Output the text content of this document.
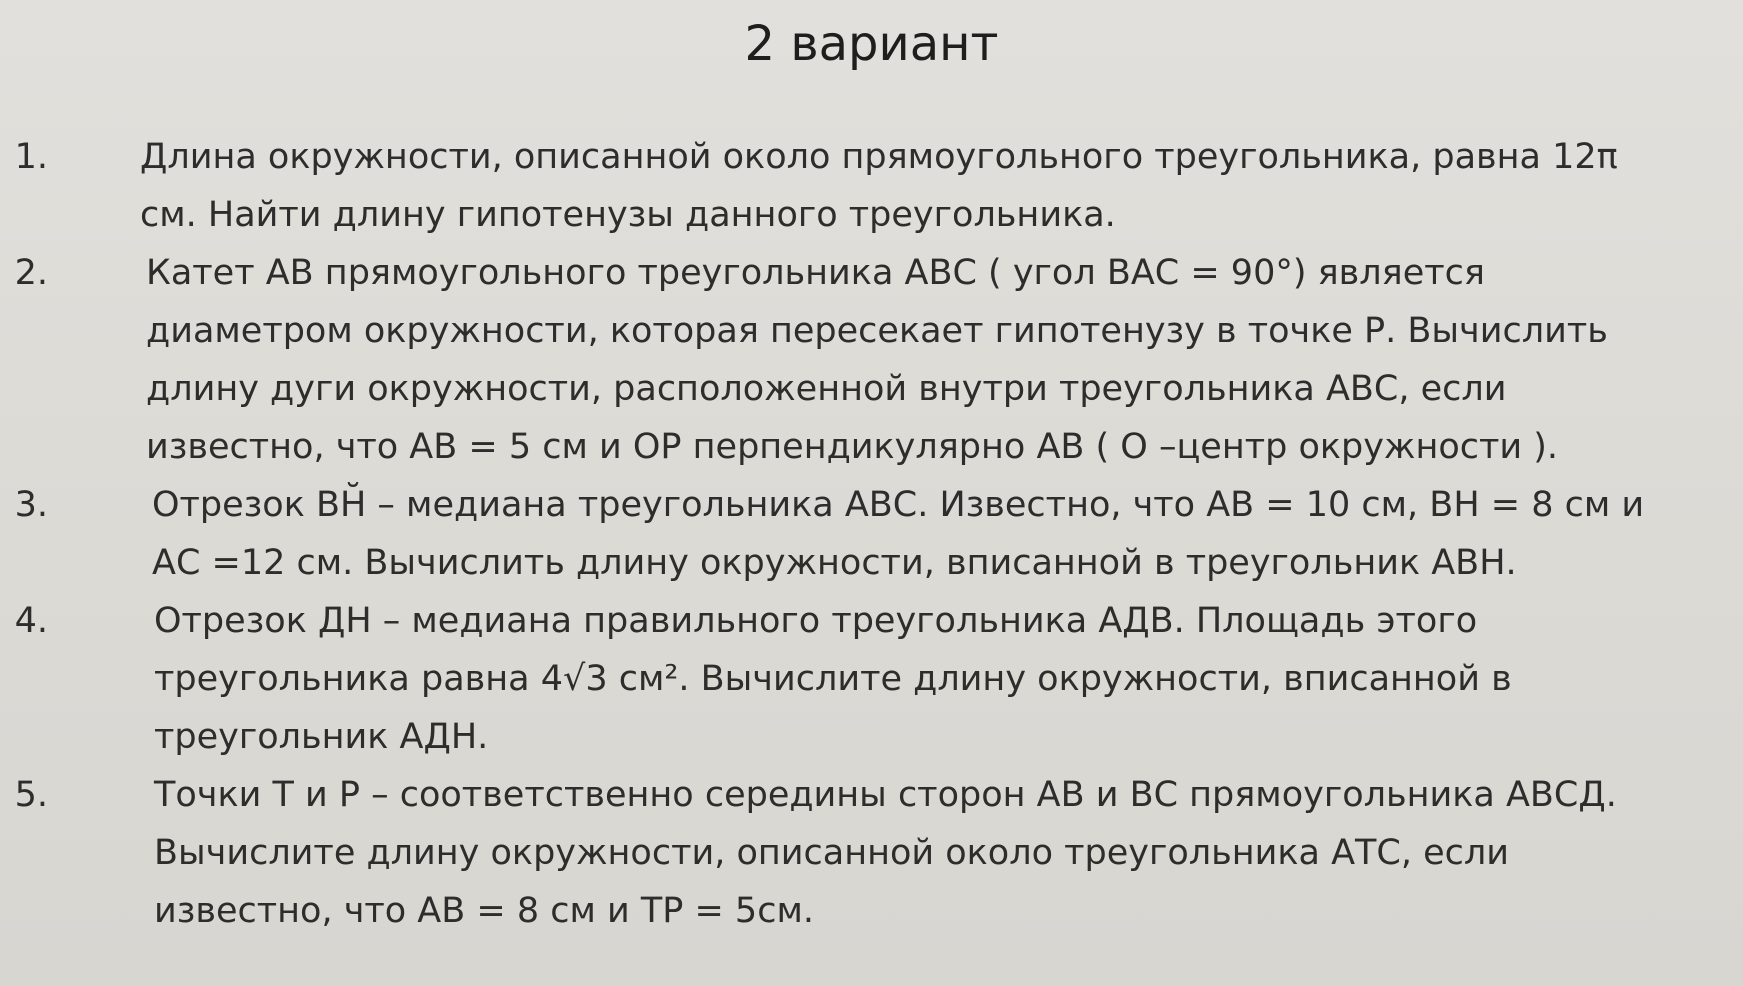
2 вариант
1.	Длина окружности, описанной около прямоугольного треугольника, равна 12π
см. Найти длину гипотенузы данного треугольника.
2.	Катет АВ прямоугольного треугольника АВС ( угол ВАС = 90°) является
диаметром окружности, которая пересекает гипотенузу в точке Р. Вычислить
длину дуги окружности, расположенной внутри треугольника АВС, если
известно, что АВ = 5 см и ОР перпендикулярно АВ ( О –центр окружности ).
3.	Отрезок ВН̆ – медиана треугольника АВС. Известно, что АВ = 10 см, ВН = 8 см и
АС =12 см. Вычислить длину окружности, вписанной в треугольник АВН.
4.	Отрезок ДН – медиана правильного треугольника АДВ. Площадь этого
треугольника равна 4√3 см². Вычислите длину окружности, вписанной в
треугольник АДН.
5.	Точки Т и Р – соответственно середины сторон АВ и ВС прямоугольника АВСД.
Вычислите длину окружности, описанной около треугольника АТС, если
известно, что АВ = 8 см и ТР = 5см.
